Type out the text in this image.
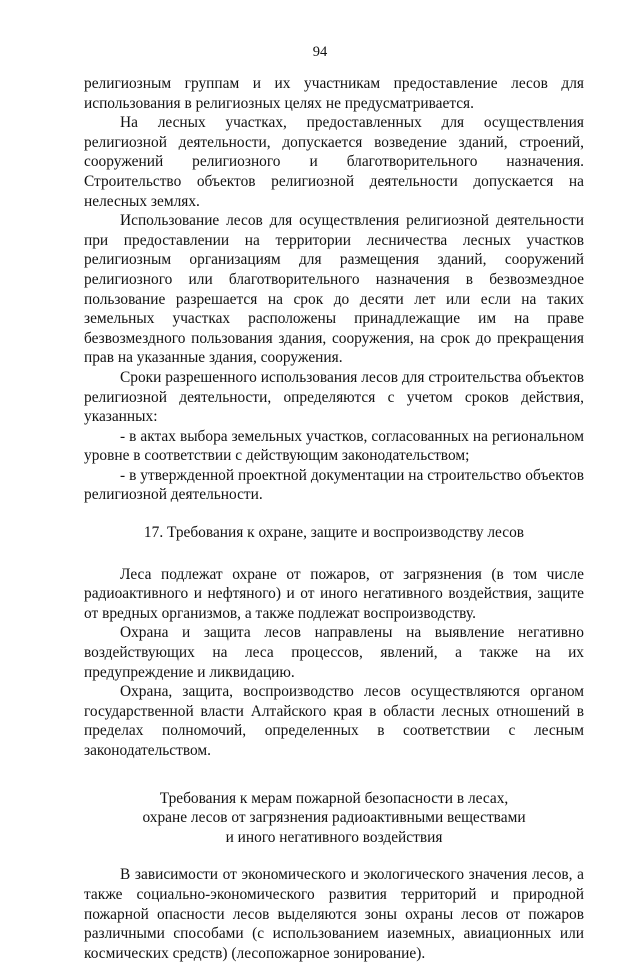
94

религиозным группам и их участникам предоставление лесов для использования в религиозных целях не предусматривается.

На лесных участках, предоставленных для осуществления религиозной деятельности, допускается возведение зданий, строений, сооружений религиозного и благотворительного назначения. Строительство объектов религиозной деятельности допускается на нелесных землях.

Использование лесов для осуществления религиозной деятельности при предоставлении на территории лесничества лесных участков религиозным организациям для размещения зданий, сооружений религиозного или благотворительного назначения в безвозмездное пользование разрешается на срок до десяти лет или если на таких земельных участках расположены принадлежащие им на праве безвозмездного пользования здания, сооружения, на срок до прекращения прав на указанные здания, сооружения.

Сроки разрешенного использования лесов для строительства объектов религиозной деятельности, определяются с учетом сроков действия, указанных:

- в актах выбора земельных участков, согласованных на региональном уровне в соответствии с действующим законодательством;

- в утвержденной проектной документации на строительство объектов религиозной деятельности.

17. Требования к охране, защите и воспроизводству лесов

Леса подлежат охране от пожаров, от загрязнения (в том числе радиоактивного и нефтяного) и от иного негативного воздействия, защите от вредных организмов, а также подлежат воспроизводству.

Охрана и защита лесов направлены на выявление негативно воздействующих на леса процессов, явлений, а также на их предупреждение и ликвидацию.

Охрана, защита, воспроизводство лесов осуществляются органом государственной власти Алтайского края в области лесных отношений в пределах полномочий, определенных в соответствии с лесным законодательством.

Требования к мерам пожарной безопасности в лесах,

охране лесов от загрязнения радиоактивными веществами

и иного негативного воздействия

В зависимости от экономического и экологического значения лесов, а также социально-экономического развития территорий и природной пожарной опасности лесов выделяются зоны охраны лесов от пожаров различными способами (с использованием иаземных, авиационных или космических средств) (лесопожарное зонирование).
